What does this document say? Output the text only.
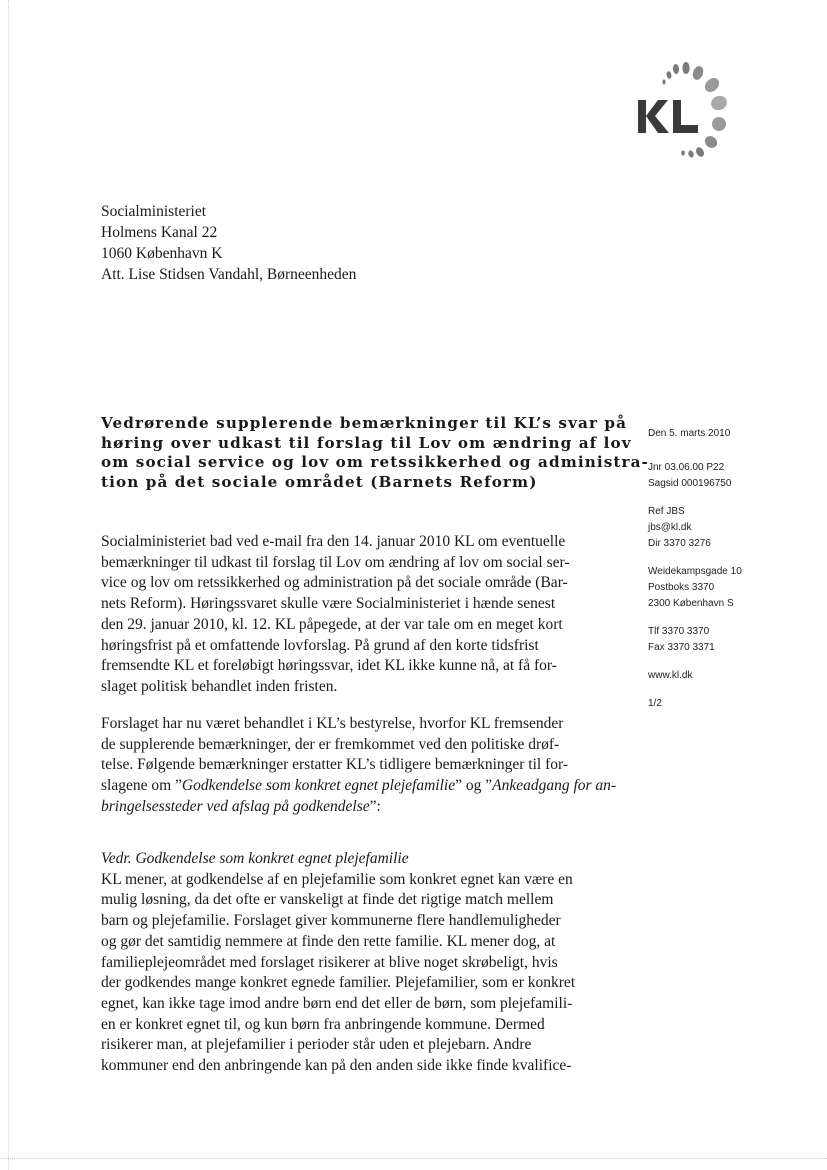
Socialministeriet
Holmens Kanal 22
1060 København K
Att. Lise Stidsen Vandahl, Børneenheden
Vedrørende supplerende bemærkninger til KL’s svar på
høring over udkast til forslag til Lov om ændring af lov
om social service og lov om retssikkerhed og administra-
tion på det sociale området (Barnets Reform)
Den 5. marts 2010
Jnr 03.06.00 P22
Sagsid 000196750
Ref JBS
jbs@kl.dk
Dir 3370 3276
Weidekampsgade 10
Postboks 3370
2300 København S
Tlf 3370 3370
Fax 3370 3371
www.kl.dk
1/2
Socialministeriet bad ved e-mail fra den 14. januar 2010 KL om eventuelle
bemærkninger til udkast til forslag til Lov om ændring af lov om social ser-
vice og lov om retssikkerhed og administration på det sociale område (Bar-
nets Reform). Høringssvaret skulle være Socialministeriet i hænde senest
den 29. januar 2010, kl. 12. KL påpegede, at der var tale om en meget kort
høringsfrist på et omfattende lovforslag. På grund af den korte tidsfrist
fremsendte KL et foreløbigt høringssvar, idet KL ikke kunne nå, at få for-
slaget politisk behandlet inden fristen.
Forslaget har nu været behandlet i KL’s bestyrelse, hvorfor KL fremsender
de supplerende bemærkninger, der er fremkommet ved den politiske drøf-
telse. Følgende bemærkninger erstatter KL’s tidligere bemærkninger til for-
slagene om ”Godkendelse som konkret egnet plejefamilie” og ”Ankeadgang for an-
bringelsessteder ved afslag på godkendelse”:
Vedr. Godkendelse som konkret egnet plejefamilie
KL mener, at godkendelse af en plejefamilie som konkret egnet kan være en
mulig løsning, da det ofte er vanskeligt at finde det rigtige match mellem
barn og plejefamilie. Forslaget giver kommunerne flere handlemuligheder
og gør det samtidig nemmere at finde den rette familie. KL mener dog, at
familieplejeområdet med forslaget risikerer at blive noget skrøbeligt, hvis
der godkendes mange konkret egnede familier. Plejefamilier, som er konkret
egnet, kan ikke tage imod andre børn end det eller de børn, som plejefamili-
en er konkret egnet til, og kun børn fra anbringende kommune. Dermed
risikerer man, at plejefamilier i perioder står uden et plejebarn. Andre
kommuner end den anbringende kan på den anden side ikke finde kvalifice-
